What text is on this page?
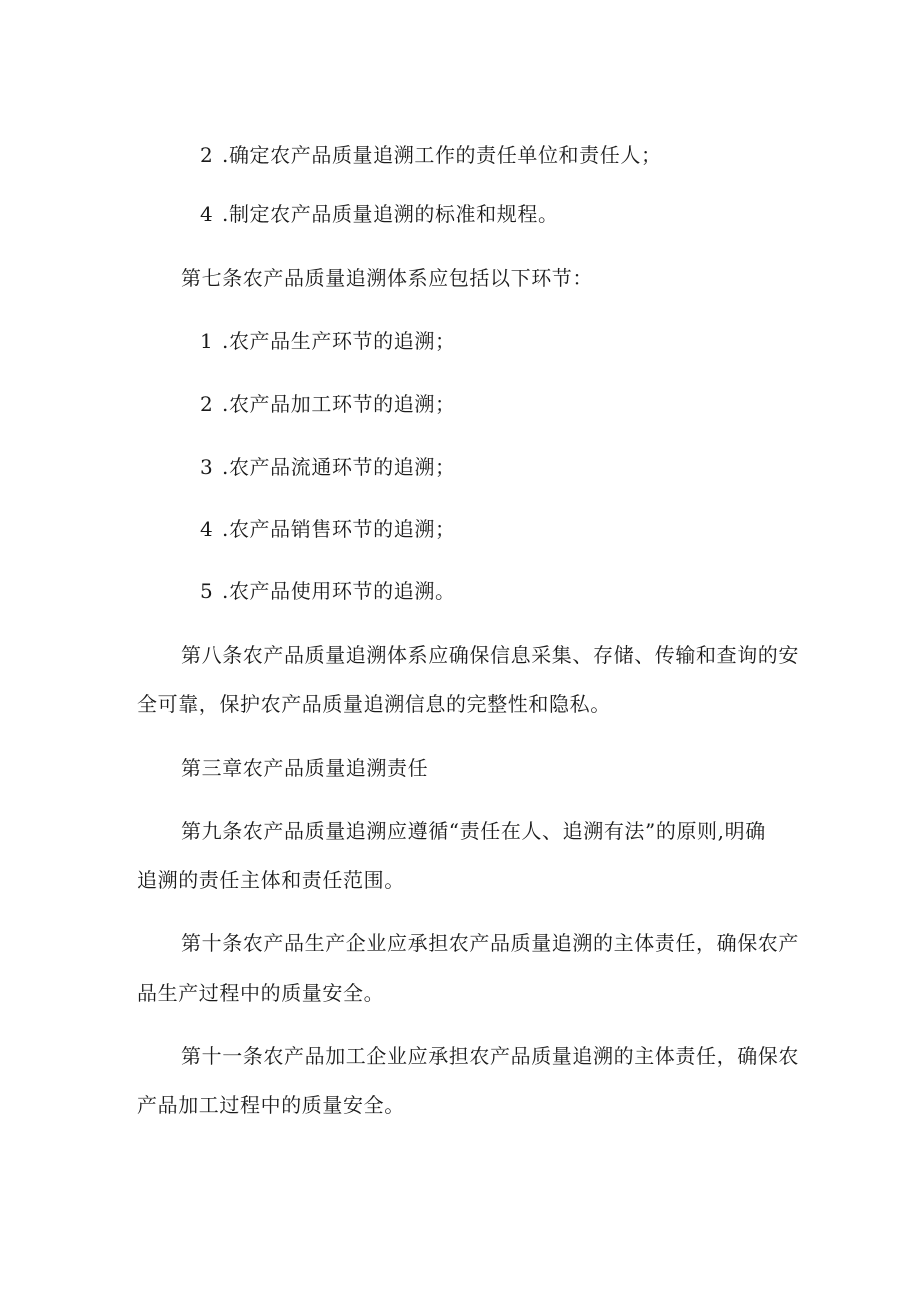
2 .确定农产品质量追溯工作的责任单位和责任人；
4 .制定农产品质量追溯的标准和规程。
第七条农产品质量追溯体系应包括以下环节：
1 .农产品生产环节的追溯；
2 .农产品加工环节的追溯；
3 .农产品流通环节的追溯；
4 .农产品销售环节的追溯；
5 .农产品使用环节的追溯。
第八条农产品质量追溯体系应确保信息采集、存储、传输和查询的安
全可靠，保护农产品质量追溯信息的完整性和隐私。
第三章农产品质量追溯责任
第九条农产品质量追溯应遵循“责任在人、追溯有法”的原则,明确
追溯的责任主体和责任范围。
第十条农产品生产企业应承担农产品质量追溯的主体责任，确保农产
品生产过程中的质量安全。
第十一条农产品加工企业应承担农产品质量追溯的主体责任，确保农
产品加工过程中的质量安全。
